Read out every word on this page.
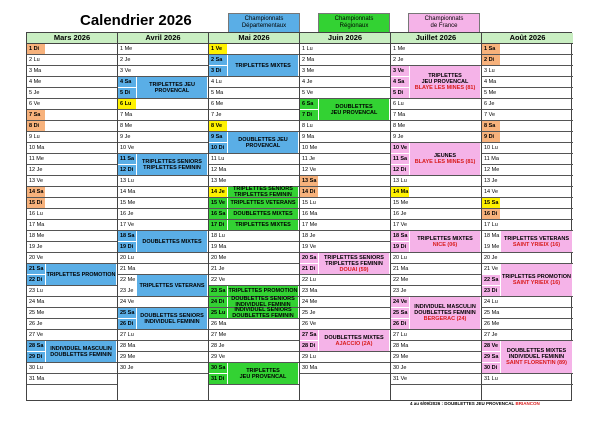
Calendrier 2026	Championnats
Départementaux
Championnats
Régionaux
Championnats
de France
Mars 2026
1 Di
2 Lu
3 Ma
4 Me
5 Je
6 Ve
7 Sa
8 Di
9 Lu
10 Ma
11 Me
12 Je
13 Ve
14 Sa
15 Di
16 Lu
17 Ma
18 Me
19 Je
20 Ve
21 Sa
22 Di
23 Lu
24 Ma
25 Me
26 Je
27 Ve
28 Sa
29 Di
30 Lu
31 Ma
TRIPLETTES PROMOTION
INDIVIDUEL MASCULIN
DOUBLETTES FEMININ
Avril 2026
1 Me
2 Je
3 Ve
4 Sa
5 Di
6 Lu
7 Ma
8 Me
9 Je
10 Ve
11 Sa
12 Di
13 Lu
14 Ma
15 Me
16 Je
17 Ve
18 Sa
19 Di
20 Lu
21 Ma
22 Me
23 Je
24 Ve
25 Sa
26 Di
27 Lu
28 Ma
29 Me
30 Je
TRIPLETTES JEU
PROVENCAL
TRIPLETTES SENIORS
TRIPLETTES FEMININ
DOUBLETTES MIXTES
TRIPLETTES VETERANS
DOUBLETTES SENIORS
INDIVIDUEL FEMININ
Mai 2026
1 Ve
2 Sa
3 Di
4 Lu
5 Ma
6 Me
7 Je
8 Ve
9 Sa
10 Di
11 Lu
12 Ma
13 Me
14 Je
15 Ve
16 Sa
17 Di
18 Lu
19 Ma
20 Me
21 Je
22 Ve
23 Sa
24 Di
25 Lu
26 Ma
27 Me
28 Je
29 Ve
30 Sa
31 Di
TRIPLETTES MIXTES
DOUBLETTES JEU
PROVENCAL
TRIPLETTES SENIORS
TRIPLETTES FEMININ
TRIPLETTES VETERANS
DOUBLETTES MIXTES
TRIPLETTES MIXTES
TRIPLETTES PROMOTION
DOUBLETTES SENIORS
INDIVIDUEL FEMININ
INDIVIDUEL SENIORS
DOUBLETTES FEMININ
TRIPLETTES
JEU PROVENCAL
Juin 2026
1 Lu
2 Ma
3 Me
4 Je
5 Ve
6 Sa
7 Di
8 Lu
9 Ma
10 Me
11 Je
12 Ve
13 Sa
14 Di
15 Lu
16 Ma
17 Me
18 Je
19 Ve
20 Sa
21 Di
22 Lu
23 Ma
24 Me
25 Je
26 Ve
27 Sa
28 Di
29 Lu
30 Ma
DOUBLETTES
JEU PROVENCAL
TRIPLETTES SENIORS
TRIPLETTES FEMININ
DOUAI (59)
DOUBLETTES MIXTES
AJACCIO (2A)
Juillet 2026
1 Me
2 Je
3 Ve
4 Sa
5 Di
6 Lu
7 Ma
8 Me
9 Je
10 Ve
11 Sa
12 Di
13 Lu
14 Ma
15 Me
16 Je
17 Ve
18 Sa
19 Di
20 Lu
21 Ma
22 Me
23 Je
24 Ve
25 Sa
26 Di
27 Lu
28 Ma
29 Me
30 Je
31 Ve
TRIPLETTES
JEU PROVENCAL
BLAYE LES MINES (81)
JEUNES
BLAYE LES MINES (81)
TRIPLETTES MIXTES
NICE (06)
INDIVIDUEL MASCULIN
DOUBLETTES FEMININ
BERGERAC (24)
Août 2026
1 Sa
2 Di
3 Lu
4 Ma
5 Me
6 Je
7 Ve
8 Sa
9 Di
10 Lu
11 Ma
12 Me
13 Je
14 Ve
15 Sa
16 Di
17 Lu
18 Ma
19 Me
20 Je
21 Ve
22 Sa
23 Di
24 Lu
25 Ma
26 Me
27 Je
28 Ve
29 Sa
30 Di
31 Lu
TRIPLETTES VETERANS
SAINT YRIEIX (16)
TRIPLETTES PROMOTION
SAINT YRIEIX (16)
DOUBLETTES MIXTES
INDIVIDUEL FEMININ
SAINT FLORENTIN (89)
4 au 6/09/2026 : DOUBLETTES JEU PROVENCAL BRIANCON
